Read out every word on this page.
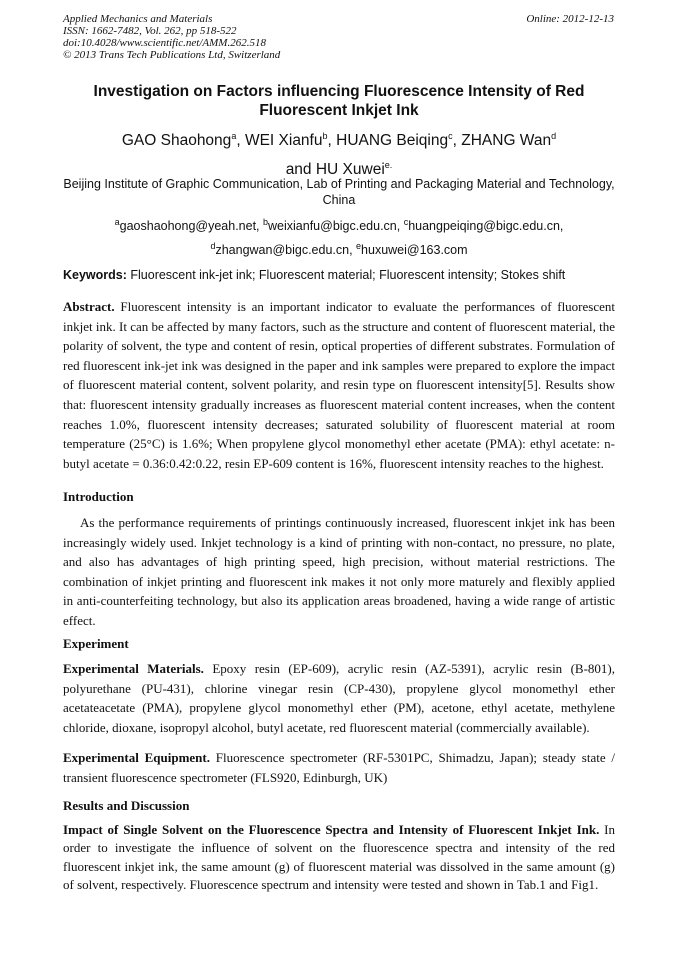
Applied Mechanics and Materials
ISSN: 1662-7482, Vol. 262, pp 518-522
doi:10.4028/www.scientific.net/AMM.262.518
© 2013 Trans Tech Publications Ltd, Switzerland
Online: 2012-12-13
Investigation on Factors influencing Fluorescence Intensity of Red Fluorescent Inkjet Ink
GAO Shaohong$^a$, WEI Xianfu$^b$, HUANG Beiqing$^c$, ZHANG Wan$^d$
and HU Xuwei$^{e.}$
Beijing Institute of Graphic Communication, Lab of Printing and Packaging Material and Technology, China
$^a$gaoshaohong@yeah.net, $^b$weixianfu@bigc.edu.cn, $^c$huangpeiqing@bigc.edu.cn,
$^d$zhangwan@bigc.edu.cn, $^e$huxuwei@163.com
Keywords: Fluorescent ink-jet ink; Fluorescent material; Fluorescent intensity; Stokes shift
Abstract. Fluorescent intensity is an important indicator to evaluate the performances of fluorescent inkjet ink. It can be affected by many factors, such as the structure and content of fluorescent material, the polarity of solvent, the type and content of resin, optical properties of different substrates. Formulation of red fluorescent ink-jet ink was designed in the paper and ink samples were prepared to explore the impact of fluorescent material content, solvent polarity, and resin type on fluorescent intensity[5]. Results show that: fluorescent intensity gradually increases as fluorescent material content increases, when the content reaches 1.0%, fluorescent intensity decreases; saturated solubility of fluorescent material at room temperature (25°C) is 1.6%; When propylene glycol monomethyl ether acetate (PMA): ethyl acetate: n-butyl acetate = 0.36:0.42:0.22, resin EP-609 content is 16%, fluorescent intensity reaches to the highest.
Introduction
As the performance requirements of printings continuously increased, fluorescent inkjet ink has been increasingly widely used. Inkjet technology is a kind of printing with non-contact, no pressure, no plate, and also has advantages of high printing speed, high precision, without material restrictions. The combination of inkjet printing and fluorescent ink makes it not only more maturely and flexibly applied in anti-counterfeiting technology, but also its application areas broadened, having a wide range of artistic effect.
Experiment
Experimental Materials. Epoxy resin (EP-609), acrylic resin (AZ-5391), acrylic resin (B-801), polyurethane (PU-431), chlorine vinegar resin (CP-430), propylene glycol monomethyl ether acetateacetate (PMA), propylene glycol monomethyl ether (PM), acetone, ethyl acetate, methylene chloride, dioxane, isopropyl alcohol, butyl acetate, red fluorescent material (commercially available).
Experimental Equipment. Fluorescence spectrometer (RF-5301PC, Shimadzu, Japan); steady state / transient fluorescence spectrometer (FLS920, Edinburgh, UK)
Results and Discussion
Impact of Single Solvent on the Fluorescence Spectra and Intensity of Fluorescent Inkjet Ink. In order to investigate the influence of solvent on the fluorescence spectra and intensity of the red fluorescent inkjet ink, the same amount (g) of fluorescent material was dissolved in the same amount (g) of solvent, respectively. Fluorescence spectrum and intensity were tested and shown in Tab.1 and Fig1.
